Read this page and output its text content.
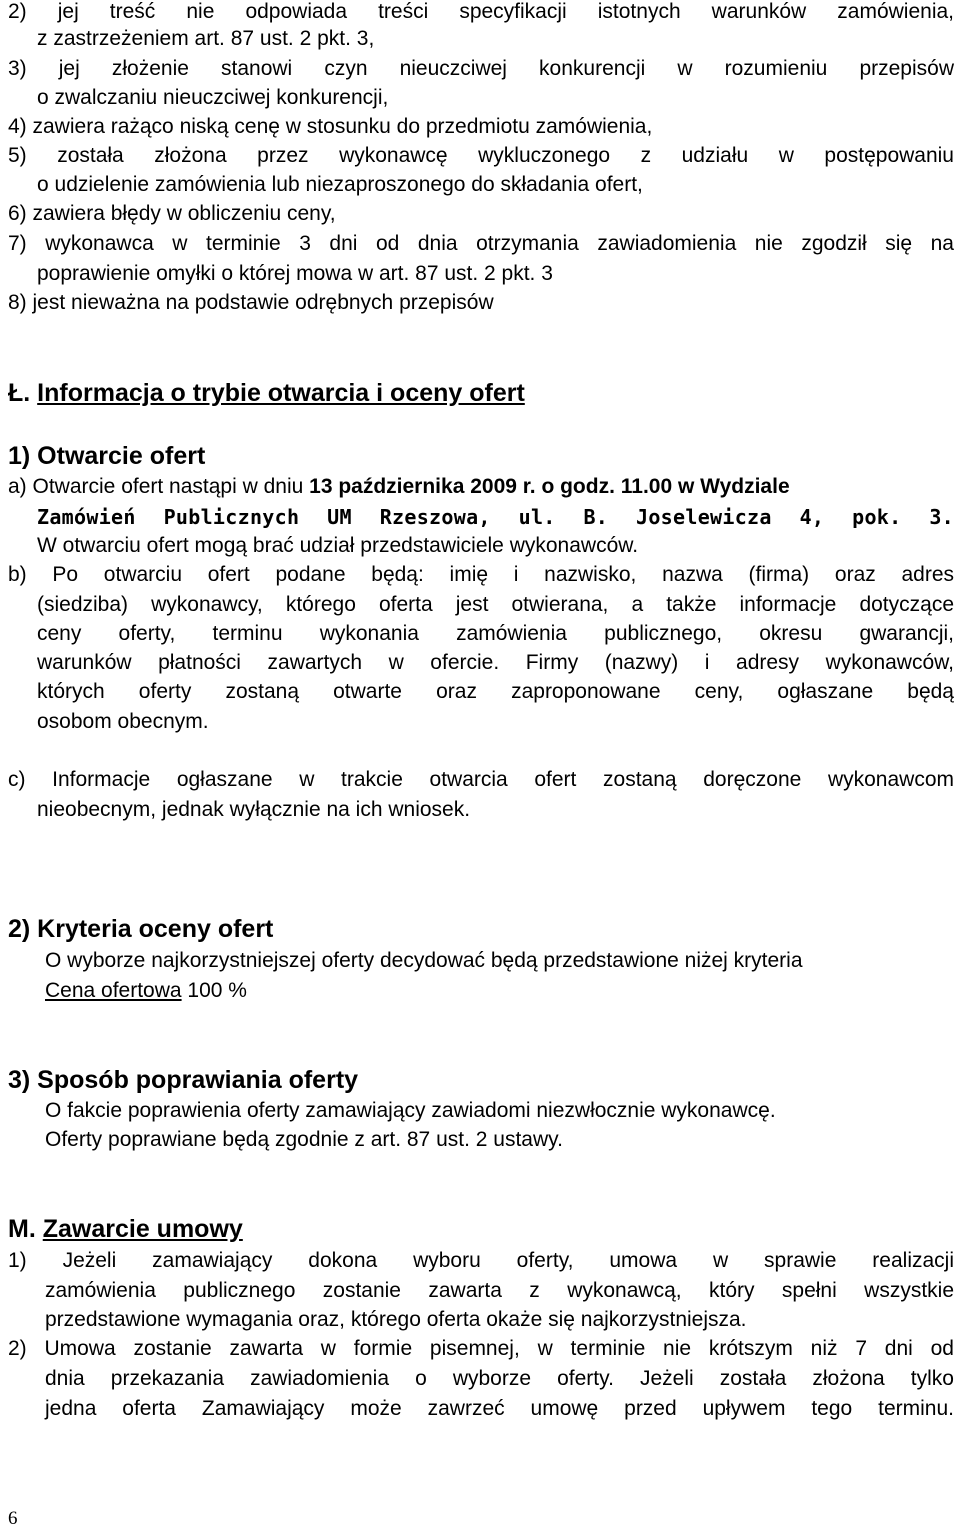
2) jej treść nie odpowiada treści specyfikacji istotnych warunków zamówienia,
z zastrzeżeniem art. 87 ust. 2 pkt. 3,
3) jej złożenie stanowi czyn nieuczciwej konkurencji w rozumieniu przepisów
o zwalczaniu nieuczciwej konkurencji,
4) zawiera rażąco niską cenę w stosunku do przedmiotu zamówienia,
5) została złożona przez wykonawcę wykluczonego z udziału w postępowaniu
o udzielenie zamówienia lub niezaproszonego do składania ofert,
6) zawiera błędy w obliczeniu ceny,
7) wykonawca w terminie 3 dni od dnia otrzymania zawiadomienia nie zgodził się na
poprawienie omyłki o której mowa w art. 87 ust. 2 pkt. 3
8) jest nieważna na podstawie odrębnych przepisów
Ł. Informacja o trybie otwarcia i oceny ofert
1) Otwarcie ofert
a) Otwarcie ofert nastąpi w dniu 13 października 2009 r. o godz. 11.00 w Wydziale
Zamówień Publicznych UM Rzeszowa, ul. B. Joselewicza 4, pok. 3.
W otwarciu ofert mogą brać udział przedstawiciele wykonawców.
b) Po otwarciu ofert podane będą: imię i nazwisko, nazwa (firma) oraz adres
(siedziba) wykonawcy, którego oferta jest otwierana, a także informacje dotyczące
ceny oferty, terminu wykonania zamówienia publicznego, okresu gwarancji,
warunków płatności zawartych w ofercie. Firmy (nazwy) i adresy wykonawców,
których oferty zostaną otwarte oraz zaproponowane ceny, ogłaszane będą
osobom obecnym.
c) Informacje ogłaszane w trakcie otwarcia ofert zostaną doręczone wykonawcom
nieobecnym, jednak wyłącznie na ich wniosek.
2) Kryteria oceny ofert
O wyborze najkorzystniejszej oferty decydować będą przedstawione niżej kryteria
Cena ofertowa 100 %
3) Sposób poprawiania oferty
O fakcie poprawienia oferty zamawiający zawiadomi niezwłocznie wykonawcę.
Oferty poprawiane będą zgodnie z art. 87 ust. 2 ustawy.
M. Zawarcie umowy
1) Jeżeli zamawiający dokona wyboru oferty, umowa w sprawie realizacji
zamówienia publicznego zostanie zawarta z wykonawcą, który spełni wszystkie
przedstawione wymagania oraz, którego oferta okaże się najkorzystniejsza.
2) Umowa zostanie zawarta w formie pisemnej, w terminie nie krótszym niż 7 dni od
dnia przekazania zawiadomienia o wyborze oferty. Jeżeli została złożona tylko
jedna oferta Zamawiający może zawrzeć umowę przed upływem tego terminu.
6
